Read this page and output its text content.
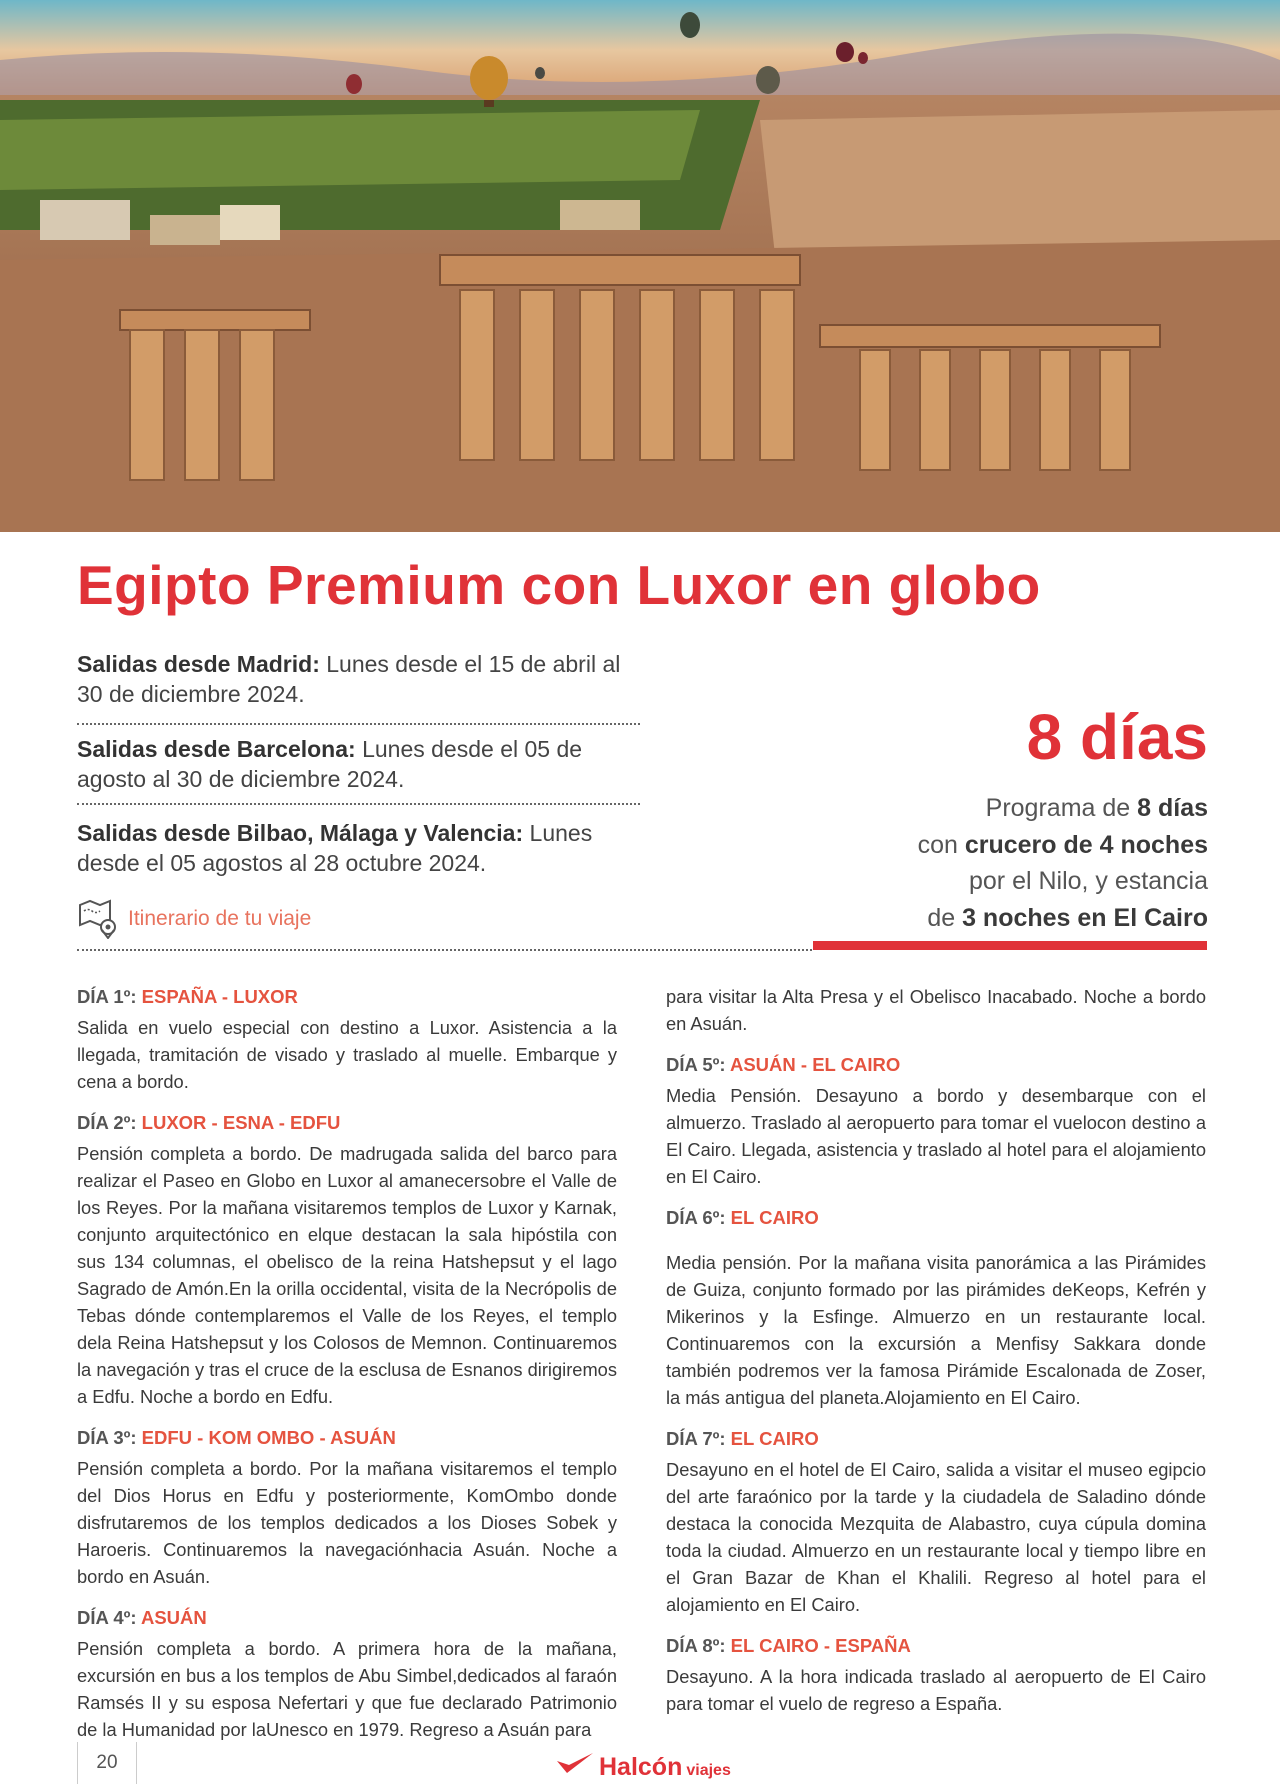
Egipto Premium con Luxor en globo
Salidas desde Madrid: Lunes desde el 15 de abril al 30 de diciembre 2024.
Salidas desde Barcelona: Lunes desde el 05 de agosto al 30 de diciembre 2024.
Salidas desde Bilbao, Málaga y Valencia: Lunes desde el 05 agostos al 28 octubre 2024.
Itinerario de tu viaje
8 días
Programa de 8 días
con crucero de 4 noches
por el Nilo, y estancia
de 3 noches en El Cairo
DÍA 1º: ESPAÑA - LUXOR

Salida en vuelo especial con destino a Luxor. Asistencia a la llegada, tramitación de visado y traslado al muelle. Embarque y cena a bordo.

DÍA 2º: LUXOR - ESNA - EDFU

Pensión completa a bordo. De madrugada salida del barco para realizar el Paseo en Globo en Luxor al amanecersobre el Valle de los Reyes. Por la mañana visitaremos templos de Luxor y Karnak, conjunto arquitectónico en elque destacan la sala hipóstila con sus 134 columnas, el obelisco de la reina Hatshepsut y el lago Sagrado de Amón.En la orilla occidental, visita de la Necrópolis de Tebas dónde contemplaremos el Valle de los Reyes, el templo dela Reina Hatshepsut y los Colosos de Memnon. Continuaremos la navegación y tras el cruce de la esclusa de Esnanos dirigiremos a Edfu. Noche a bordo en Edfu.

DÍA 3º: EDFU - KOM OMBO - ASUÁN

Pensión completa a bordo. Por la mañana visitaremos el templo del Dios Horus en Edfu y posteriormente, KomOmbo donde disfrutaremos de los templos dedicados a los Dioses Sobek y Haroeris. Continuaremos la navegaciónhacia Asuán. Noche a bordo en Asuán.

DÍA 4º: ASUÁN

Pensión completa a bordo. A primera hora de la mañana, excursión en bus a los templos de Abu Simbel,dedicados al faraón Ramsés II y su esposa Nefertari y que fue declarado Patrimonio de la Humanidad por laUnesco en 1979. Regreso a Asuán para

para visitar la Alta Presa y el Obelisco Inacabado. Noche a bordo en Asuán.

DÍA 5º: ASUÁN - EL CAIRO

Media Pensión. Desayuno a bordo y desembarque con el almuerzo. Traslado al aeropuerto para tomar el vuelocon destino a El Cairo. Llegada, asistencia y traslado al hotel para el alojamiento en El Cairo.

DÍA 6º: EL CAIRO

Media pensión. Por la mañana visita panorámica a las Pirámides de Guiza, conjunto formado por las pirámides deKeops, Kefrén y Mikerinos y la Esfinge. Almuerzo en un restaurante local. Continuaremos con la excursión a Menfisy Sakkara donde también podremos ver la famosa Pirámide Escalonada de Zoser, la más antigua del planeta.Alojamiento en El Cairo.

DÍA 7º: EL CAIRO

Desayuno en el hotel de El Cairo, salida a visitar el museo egipcio del arte faraónico por la tarde y la ciudadela de Saladino dónde destaca la conocida Mezquita de Alabastro, cuya cúpula domina toda la ciudad. Almuerzo en un restaurante local y tiempo libre en el Gran Bazar de Khan el Khalili. Regreso al hotel para el alojamiento en El Cairo.

DÍA 8º: EL CAIRO - ESPAÑA

Desayuno. A la hora indicada traslado al aeropuerto de El Cairo para tomar el vuelo de regreso a España.

20	Halcón viajes
